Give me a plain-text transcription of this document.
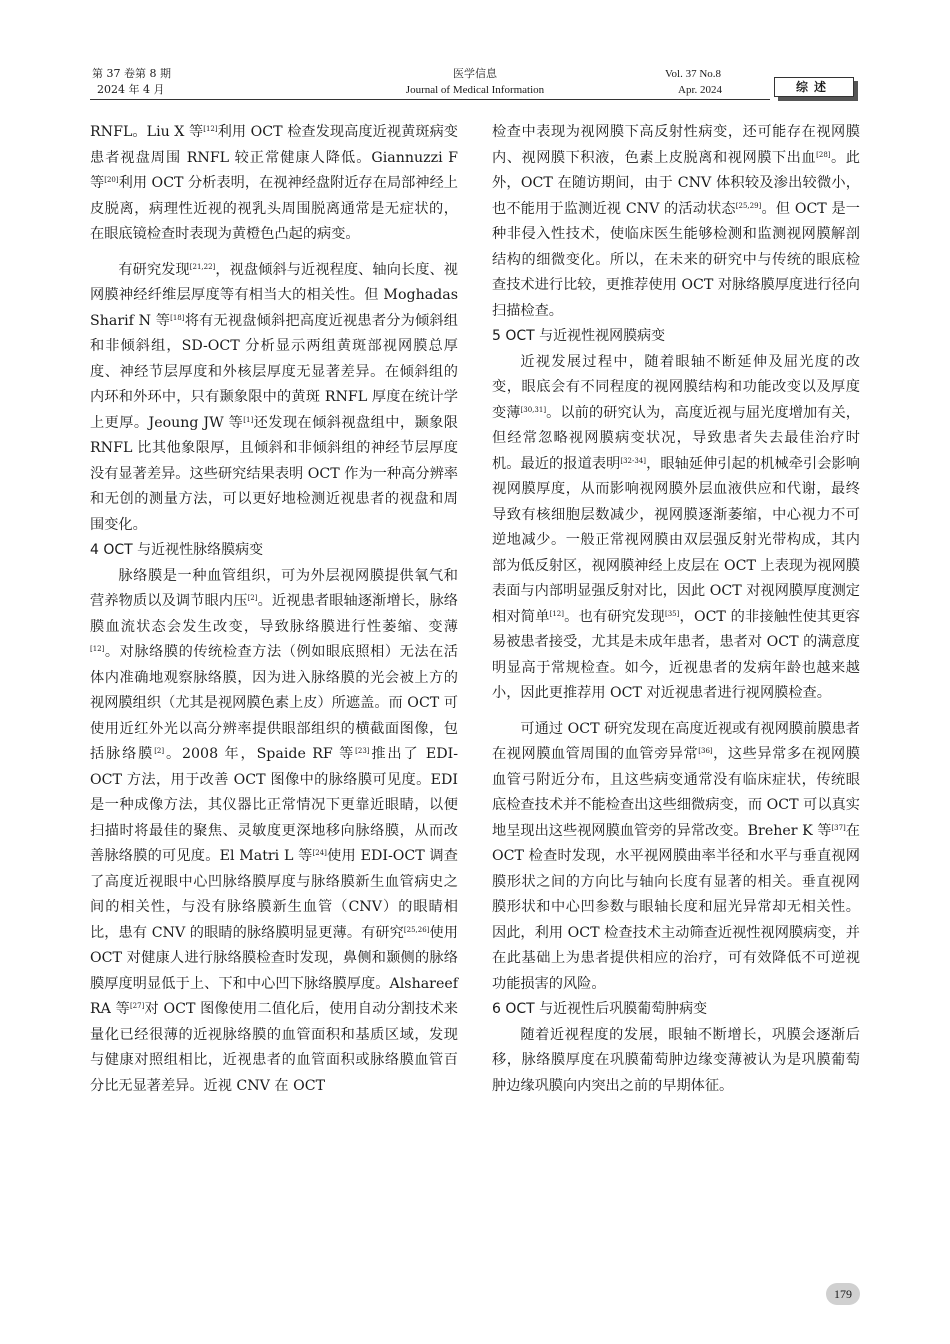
第 37 卷第 8 期
2024 年 4 月
医学信息
Journal of Medical Information
Vol. 37 No.8
Apr. 2024	综述

RNFL。Liu X 等[12]利用 OCT 检查发现高度近视黄斑病变患者视盘周围 RNFL 较正常健康人降低。Giannuzzi F 等[20]利用 OCT 分析表明，在视神经盘附近存在局部神经上皮脱离，病理性近视的视乳头周围脱离通常是无症状的，在眼底镜检查时表现为黄橙色凸起的病变。

有研究发现[21,22]，视盘倾斜与近视程度、轴向长度、视网膜神经纤维层厚度等有相当大的相关性。但 Moghadas Sharif N 等[18]将有无视盘倾斜把高度近视患者分为倾斜组和非倾斜组，SD-OCT 分析显示两组黄斑部视网膜总厚度、神经节层厚度和外核层厚度无显著差异。在倾斜组的内环和外环中，只有颞象限中的黄斑 RNFL 厚度在统计学上更厚。Jeoung JW 等[1]还发现在倾斜视盘组中，颞象限 RNFL 比其他象限厚，且倾斜和非倾斜组的神经节层厚度没有显著差异。这些研究结果表明 OCT 作为一种高分辨率和无创的测量方法，可以更好地检测近视患者的视盘和周围变化。

4 OCT 与近视性脉络膜病变

脉络膜是一种血管组织，可为外层视网膜提供氧气和营养物质以及调节眼内压[2]。近视患者眼轴逐渐增长，脉络膜血流状态会发生改变，导致脉络膜进行性萎缩、变薄[12]。对脉络膜的传统检查方法（例如眼底照相）无法在活体内准确地观察脉络膜，因为进入脉络膜的光会被上方的视网膜组织（尤其是视网膜色素上皮）所遮盖。而 OCT 可使用近红外光以高分辨率提供眼部组织的横截面图像，包括脉络膜[2]。2008 年，Spaide RF 等[23]推出了 EDI-OCT 方法，用于改善 OCT 图像中的脉络膜可见度。EDI 是一种成像方法，其仪器比正常情况下更靠近眼睛，以便扫描时将最佳的聚焦、灵敏度更深地移向脉络膜，从而改善脉络膜的可见度。El Matri L 等[24]使用 EDI-OCT 调查了高度近视眼中心凹脉络膜厚度与脉络膜新生血管病史之间的相关性，与没有脉络膜新生血管（CNV）的眼睛相比，患有 CNV 的眼睛的脉络膜明显更薄。有研究[25,26]使用 OCT 对健康人进行脉络膜检查时发现，鼻侧和颞侧的脉络膜厚度明显低于上、下和中心凹下脉络膜厚度。Alshareef RA 等[27]对 OCT 图像使用二值化后，使用自动分割技术来量化已经很薄的近视脉络膜的血管面积和基质区域，发现与健康对照组相比，近视患者的血管面积或脉络膜血管百分比无显著差异。近视 CNV 在 OCT

检查中表现为视网膜下高反射性病变，还可能存在视网膜内、视网膜下积液，色素上皮脱离和视网膜下出血[28]。此外，OCT 在随访期间，由于 CNV 体积较及渗出较微小，也不能用于监测近视 CNV 的活动状态[25,29]。但 OCT 是一种非侵入性技术，使临床医生能够检测和监测视网膜解剖结构的细微变化。所以，在未来的研究中与传统的眼底检查技术进行比较，更推荐使用 OCT 对脉络膜厚度进行径向扫描检查。

5 OCT 与近视性视网膜病变

近视发展过程中，随着眼轴不断延伸及屈光度的改变，眼底会有不同程度的视网膜结构和功能改变以及厚度变薄[30,31]。以前的研究认为，高度近视与屈光度增加有关，但经常忽略视网膜病变状况，导致患者失去最佳治疗时机。最近的报道表明[32-34]，眼轴延伸引起的机械牵引会影响视网膜厚度，从而影响视网膜外层血液供应和代谢，最终导致有核细胞层数减少，视网膜逐渐萎缩，中心视力不可逆地减少。一般正常视网膜由双层强反射光带构成，其内部为低反射区，视网膜神经上皮层在 OCT 上表现为视网膜表面与内部明显强反射对比，因此 OCT 对视网膜厚度测定相对简单[12]。也有研究发现[35]，OCT 的非接触性使其更容易被患者接受，尤其是未成年患者，患者对 OCT 的满意度明显高于常规检查。如今，近视患者的发病年龄也越来越小，因此更推荐用 OCT 对近视患者进行视网膜检查。

可通过 OCT 研究发现在高度近视或有视网膜前膜患者在视网膜血管周围的血管旁异常[36]，这些异常多在视网膜血管弓附近分布，且这些病变通常没有临床症状，传统眼底检查技术并不能检查出这些细微病变，而 OCT 可以真实地呈现出这些视网膜血管旁的异常改变。Breher K 等[37]在 OCT 检查时发现，水平视网膜曲率半径和水平与垂直视网膜形状之间的方向比与轴向长度有显著的相关。垂直视网膜形状和中心凹参数与眼轴长度和屈光异常却无相关性。因此，利用 OCT 检查技术主动筛查近视性视网膜病变，并在此基础上为患者提供相应的治疗，可有效降低不可逆视功能损害的风险。

6 OCT 与近视性后巩膜葡萄肿病变

随着近视程度的发展，眼轴不断增长，巩膜会逐渐后移，脉络膜厚度在巩膜葡萄肿边缘变薄被认为是巩膜葡萄肿边缘巩膜向内突出之前的早期体征。

179
